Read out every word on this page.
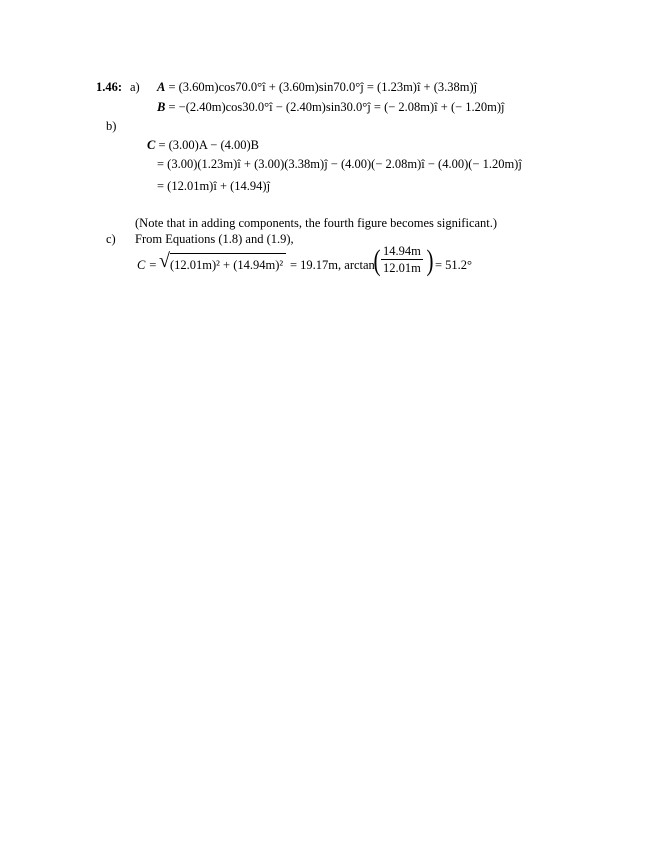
1.46: a) A = (3.60m)cos70.0°î + (3.60m)sin70.0°ĵ = (1.23m)î + (3.38m)ĵ
B = −(2.40m)cos30.0°î − (2.40m)sin30.0°ĵ = (− 2.08m)î + (− 1.20m)ĵ
b)
C = (3.00)A − (4.00)B
= (3.00)(1.23m)î + (3.00)(3.38m)ĵ − (4.00)(− 2.08m)î − (4.00)(− 1.20m)ĵ
= (12.01m)î + (14.94)ĵ
(Note that in adding components, the fourth figure becomes significant.)
c) From Equations (1.8) and (1.9),
C = √ (12.01m)² + (14.94m)² = 19.17m, arctan
( $\frac{14.94m}{12.01m}$ ) = 51.2°
